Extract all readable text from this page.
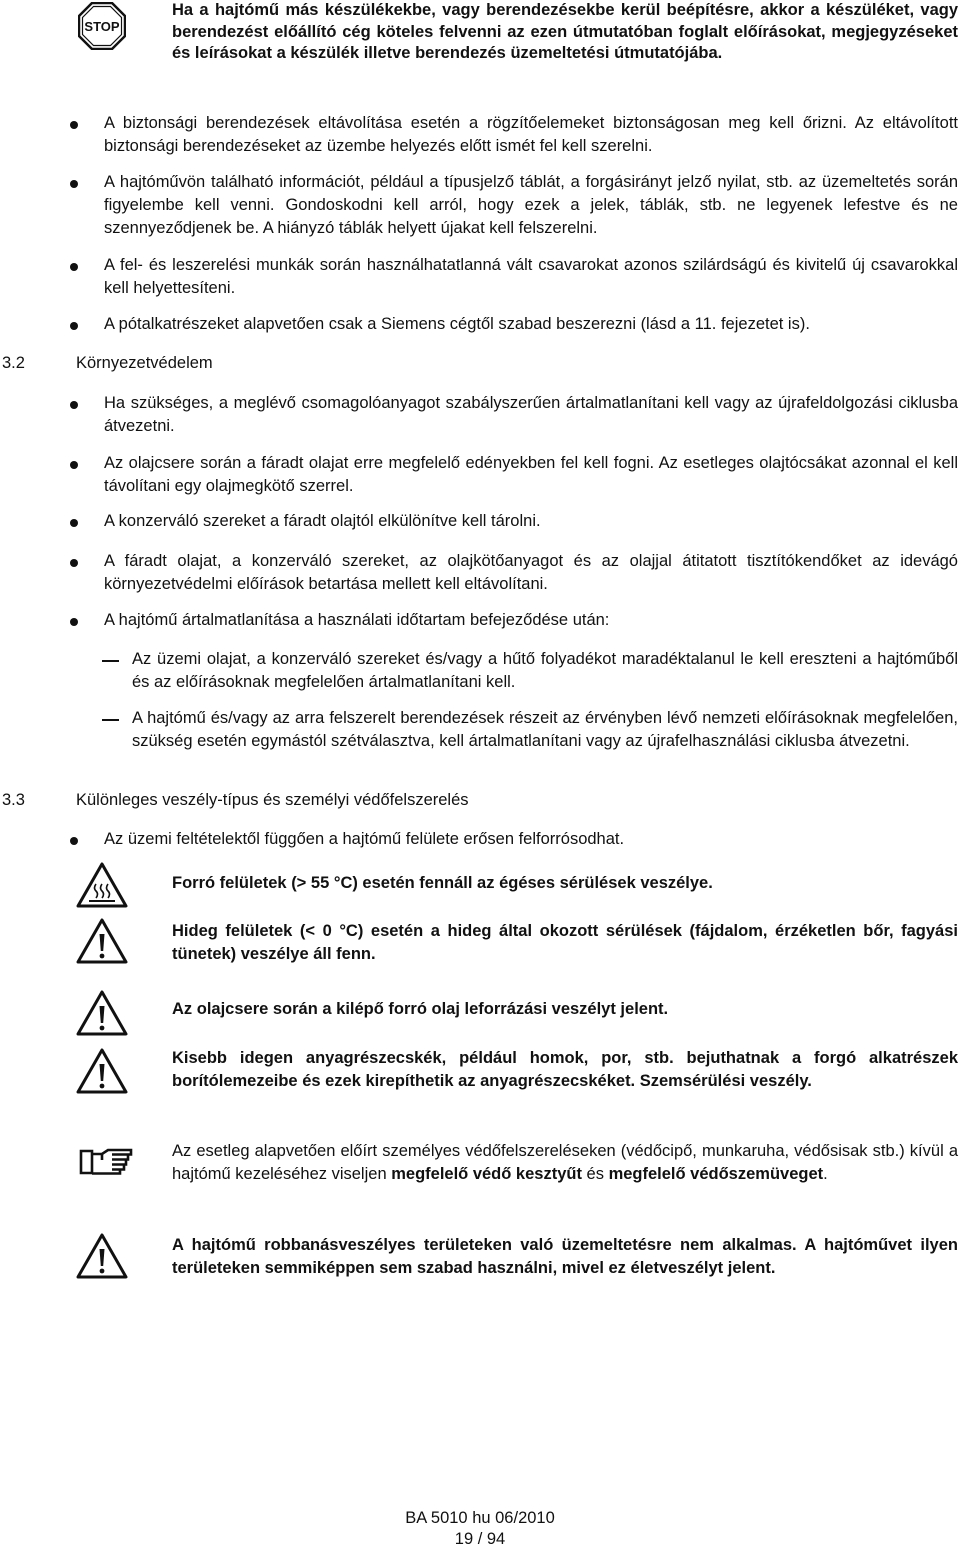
STOP
Ha a hajtómű más készülékekbe, vagy berendezésekbe kerül beépítésre, akkor a készüléket, vagy berendezést előállító cég köteles felvenni az ezen útmutatóban foglalt előírásokat, megjegyzéseket és leírásokat a készülék illetve berendezés üzemeltetési útmutatójába.
A biztonsági berendezések eltávolítása esetén a rögzítőelemeket biztonságosan meg kell őrizni. Az eltávolított biztonsági berendezéseket az üzembe helyezés előtt ismét fel kell szerelni.
A hajtóművön található információt, például a típusjelző táblát, a forgásirányt jelző nyilat, stb. az üzemeltetés során figyelembe kell venni. Gondoskodni kell arról, hogy ezek a jelek, táblák, stb. ne legyenek lefestve és ne szennyeződjenek be. A hiányzó táblák helyett újakat kell felszerelni.
A fel- és leszerelési munkák során használhatatlanná vált csavarokat azonos szilárdságú és kivitelű új csavarokkal kell helyettesíteni.
A pótalkatrészeket alapvetően csak a Siemens cégtől szabad beszerezni (lásd a 11. fejezetet is).
3.2	Környezetvédelem
Ha szükséges, a meglévő csomagolóanyagot szabályszerűen ártalmatlanítani kell vagy az újrafeldolgozási ciklusba átvezetni.
Az olajcsere során a fáradt olajat erre megfelelő edényekben fel kell fogni. Az esetleges olajtócsákat azonnal el kell távolítani egy olajmegkötő szerrel.
A konzerváló szereket a fáradt olajtól elkülönítve kell tárolni.
A fáradt olajat, a konzerváló szereket, az olajkötőanyagot és az olajjal átitatott tisztítókendőket az idevágó környezetvédelmi előírások betartása mellett kell eltávolítani.
A hajtómű ártalmatlanítása a használati időtartam befejeződése után:
Az üzemi olajat, a konzerváló szereket és/vagy a hűtő folyadékot maradéktalanul le kell ereszteni a hajtóműből és az előírásoknak megfelelően ártalmatlanítani kell.
A hajtómű és/vagy az arra felszerelt berendezések részeit az érvényben lévő nemzeti előírásoknak megfelelően, szükség esetén egymástól szétválasztva, kell ártalmatlanítani vagy az újrafelhasználási ciklusba átvezetni.
3.3	Különleges veszély-típus és személyi védőfelszerelés
Az üzemi feltételektől függően a hajtómű felülete erősen felforrósodhat.
Forró felületek (> 55 °C) esetén fennáll az égéses sérülések veszélye.
Hideg felületek (< 0 °C) esetén a hideg által okozott sérülések (fájdalom, érzéketlen bőr, fagyási tünetek) veszélye áll fenn.
Az olajcsere során a kilépő forró olaj leforrázási veszélyt jelent.
Kisebb idegen anyagrészecskék, például homok, por, stb. bejuthatnak a forgó alkatrészek borítólemezeibe és ezek kirepíthetik az anyagrészecskéket. Szemsérülési veszély.
Az esetleg alapvetően előírt személyes védőfelszereléseken (védőcipő, munkaruha, védősisak stb.) kívül a hajtómű kezeléséhez viseljen megfelelő védő kesztyűt és megfelelő védőszemüveget.
A hajtómű robbanásveszélyes területeken való üzemeltetésre nem alkalmas. A hajtóművet ilyen területeken semmiképpen sem szabad használni, mivel ez életveszélyt jelent.
BA 5010 hu 06/2010
19 / 94
